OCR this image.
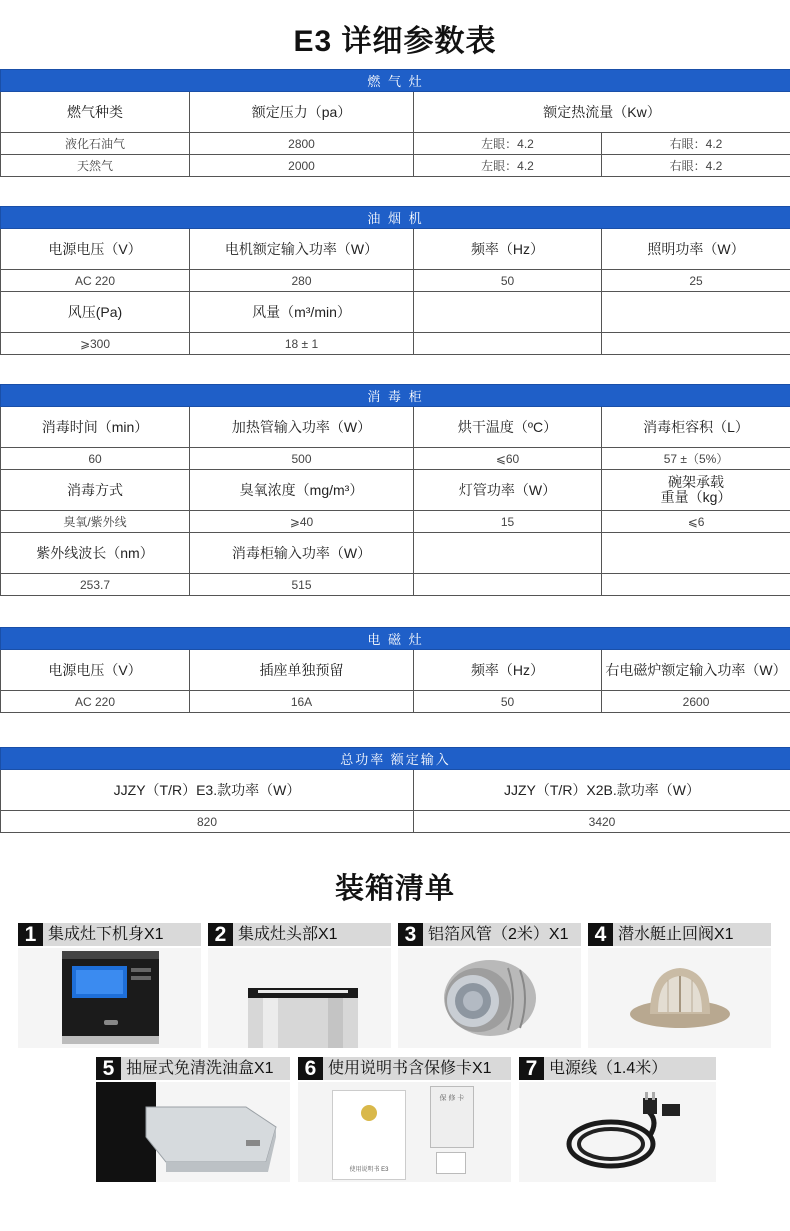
E3 详细参数表
燃 气 灶			
燃气种类	额定压力（pa）	额定热流量（Kw）	
液化石油气	2800	左眼：4.2	右眼：4.2
天然气	2000	左眼：4.2	右眼：4.2
油 烟 机			
电源电压（V）	电机额定输入功率（W）	频率（Hz）	照明功率（W）
AC 220	280	50	25
风压(Pa)	风量（m³/min）		
⩾300	18 ± 1		
消 毒 柜			
消毒时间（min）	加热管输入功率（W）	烘干温度（ºC）	消毒柜容积（L）
60	500	⩽60	57 ±（5%）
消毒方式	臭氧浓度（mg/m³）	灯管功率（W）	碗架承载
重量（kg）

臭氧/紫外线	⩾40	15	⩽6
紫外线波长（nm）	消毒柜输入功率（W）		
253.7	515		
电 磁 灶			
电源电压（V）	插座单独预留	频率（Hz）	右电磁炉额定输入功率（W）
AC 220	16A	50	2600
总功率 额定输入	
JJZY（T/R）E3.款功率（W）	JJZY（T/R）X2B.款功率（W）
820	3420
装箱清单
1 集成灶下机身X1	2 集成灶头部X1	3 铝箔风管（2米）X1	4 潜水艇止回阀X1
5 抽屉式免清洗油盒X1	6 使用说明书含保修卡X1
使用说明书 E3
保 修 卡
7 电源线（1.4米）
